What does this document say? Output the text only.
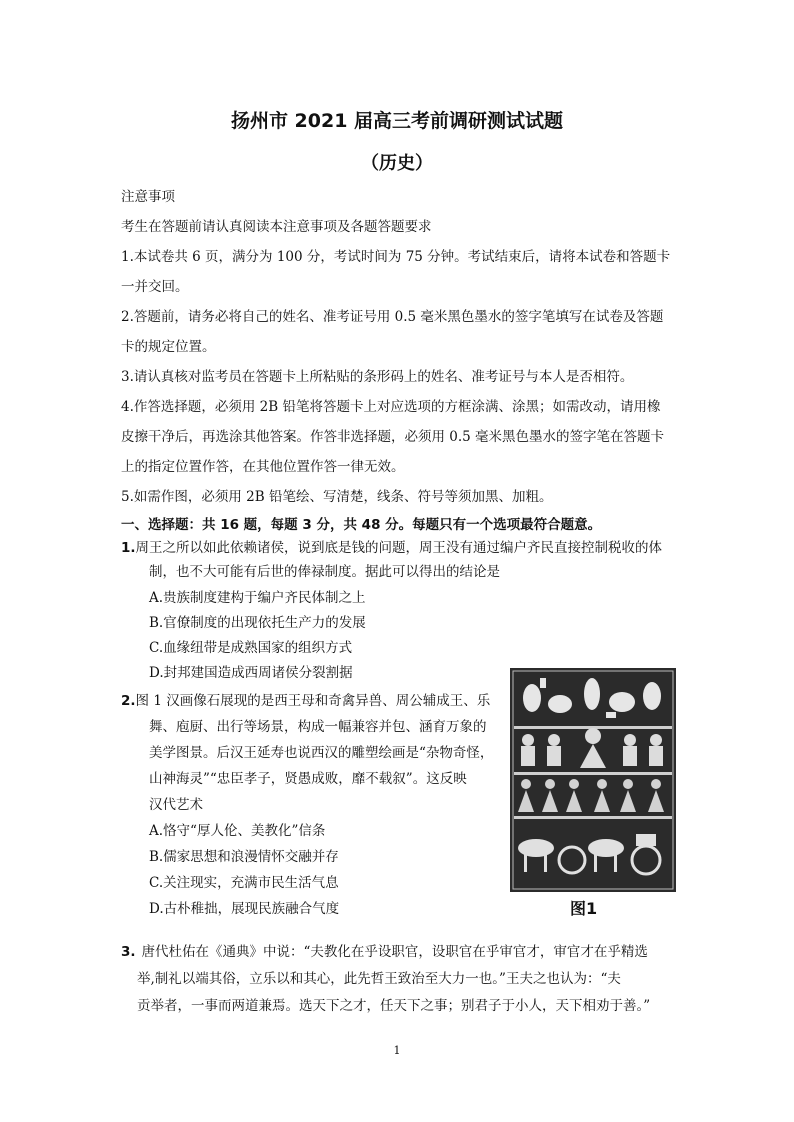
扬州市 2021 届高三考前调研测试试题
（历史）
注意事项
考生在答题前请认真阅读本注意事项及各题答题要求
1.本试卷共 6 页，满分为 100 分，考试时间为 75 分钟。考试结束后，请将本试卷和答题卡
一并交回。
2.答题前，请务必将自己的姓名、准考证号用 0.5 毫米黑色墨水的签字笔填写在试卷及答题
卡的规定位置。
3.请认真核对监考员在答题卡上所粘贴的条形码上的姓名、准考证号与本人是否相符。
4.作答选择题，必须用 2B 铅笔将答题卡上对应选项的方框涂满、涂黑；如需改动，请用橡
皮擦干净后，再选涂其他答案。作答非选择题，必须用 0.5 毫米黑色墨水的签字笔在答题卡
上的指定位置作答，在其他位置作答一律无效。
5.如需作图，必须用 2B 铅笔绘、写清楚，线条、符号等须加黑、加粗。
一、选择题：共 16 题，每题 3 分，共 48 分。每题只有一个选项最符合题意。
1.周王之所以如此依赖诸侯，说到底是钱的问题，周王没有通过编户齐民直接控制税收的体
制，也不大可能有后世的俸禄制度。据此可以得出的结论是
A.贵族制度建构于编户齐民体制之上
B.官僚制度的出现依托生产力的发展
C.血缘纽带是成熟国家的组织方式
D.封邦建国造成西周诸侯分裂割据
2.图 1 汉画像石展现的是西王母和奇禽异兽、周公辅成王、乐
舞、庖厨、出行等场景，构成一幅兼容并包、涵育万象的
美学图景。后汉王延寿也说西汉的雕塑绘画是“杂物奇怪，
山神海灵”“忠臣孝子，贤愚成败，靡不载叙”。这反映
汉代艺术
A.恪守“厚人伦、美教化”信条
B.儒家思想和浪漫情怀交融并存
C.关注现实，充满市民生活气息
D.古朴稚拙，展现民族融合气度	图1
3. 唐代杜佑在《通典》中说：“夫教化在乎设职官，设职官在乎审官才，审官才在乎精选
举,制礼以端其俗，立乐以和其心，此先哲王致治至大力一也。”王夫之也认为：“夫
贡举者，一事而两道兼焉。选天下之才，任天下之事；别君子于小人，天下相劝于善。”
1
